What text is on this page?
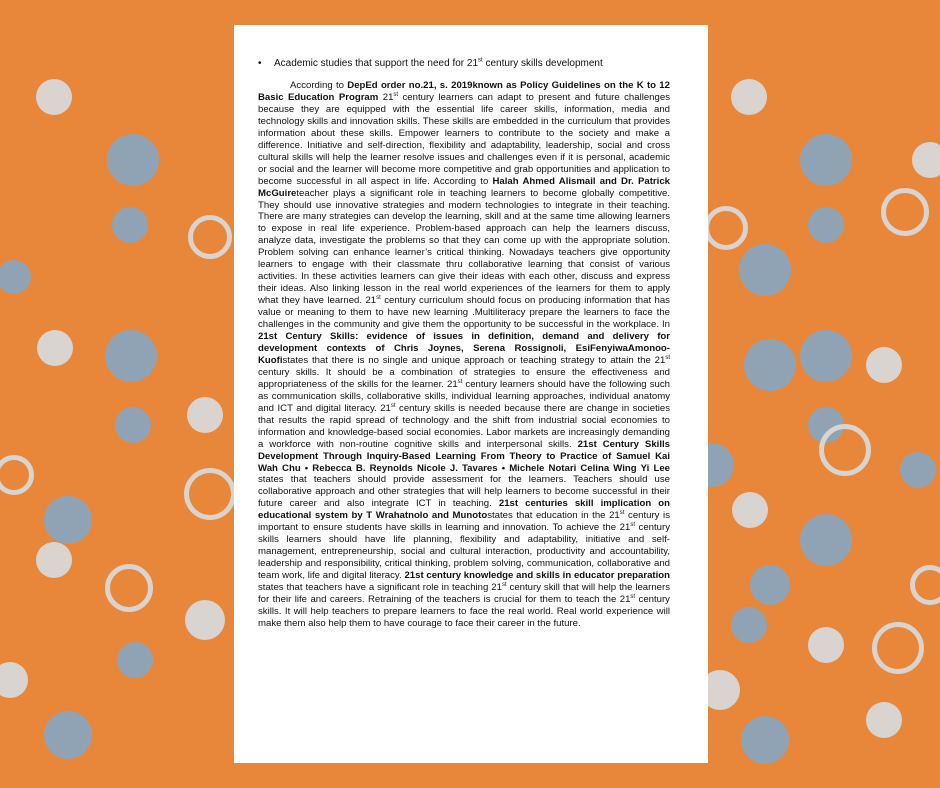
•	Academic studies that support the need for 21st century skills development

According to DepEd order no.21, s. 2019known as Policy Guidelines on the K to 12 Basic Education Program 21st century learners can adapt to present and future challenges because they are equipped with the essential life career skills, information, media and technology skills and innovation skills. These skills are embedded in the curriculum that provides information about these skills. Empower learners to contribute to the society and make a difference. Initiative and self-direction, flexibility and adaptability, leadership, social and cross cultural skills will help the learner resolve issues and challenges even if it is personal, academic or social and the learner will become more competitive and grab opportunities and application to become successful in all aspect in life. According to Halah Ahmed Alismail and Dr. Patrick McGuireteacher plays a significant role in teaching learners to become globally competitive. They should use innovative strategies and modern technologies to integrate in their teaching. There are many strategies can develop the learning, skill and at the same time allowing learners to expose in real life experience. Problem-based approach can help the learners discuss, analyze data, investigate the problems so that they can come up with the appropriate solution. Problem solving can enhance learner’s critical thinking. Nowadays teachers give opportunity learners to engage with their classmate thru collaborative learning that consist of various activities. In these activities learners can give their ideas with each other, discuss and express their ideas. Also linking lesson in the real world experiences of the learners for them to apply what they have learned. 21st century curriculum should focus on producing information that has value or meaning to them to have new learning .Multiliteracy prepare the learners to face the challenges in the community and give them the opportunity to be successful in the workplace. In 21st Century Skills: evidence of issues in definition, demand and delivery for development contexts of Chris Joynes, Serena Rossignoli, EsiFenyiwaAmonoo-Kuofistates that there is no single and unique approach or teaching strategy to attain the 21st century skills. It should be a combination of strategies to ensure the effectiveness and appropriateness of the skills for the learner. 21st century learners should have the following such as communication skills, collaborative skills, individual learning approaches, individual anatomy and ICT and digital literacy. 21st century skills is needed because there are change in societies that results the rapid spread of technology and the shift from industrial social economies to information and knowledge-based social economies. Labor markets are increasingly demanding a workforce with non-routine cognitive skills and interpersonal skills. 21st Century Skills Development Through Inquiry-Based Learning From Theory to Practice of Samuel Kai Wah Chu • Rebecca B. Reynolds Nicole J. Tavares • Michele Notari Celina Wing Yi Lee states that teachers should provide assessment for the learners. Teachers should use collaborative approach and other strategies that will help learners to become successful in their future career and also integrate ICT in teaching. 21st centuries skill implication on educational system by T Wrahatnolo and Munotostates that education in the 21st century is important to ensure students have skills in learning and innovation. To achieve the 21st century skills learners should have life planning, flexibility and adaptability, initiative and self-management, entrepreneurship, social and cultural interaction, productivity and accountability, leadership and responsibility, critical thinking, problem solving, communication, collaborative and team work, life and digital literacy. 21st century knowledge and skills in educator preparation states that teachers have a significant role in teaching 21st century skill that will help the learners for their life and careers. Retraining of the teachers is crucial for them to teach the 21st century skills. It will help teachers to prepare learners to face the real world. Real world experience will make them also help them to have courage to face their career in the future.
